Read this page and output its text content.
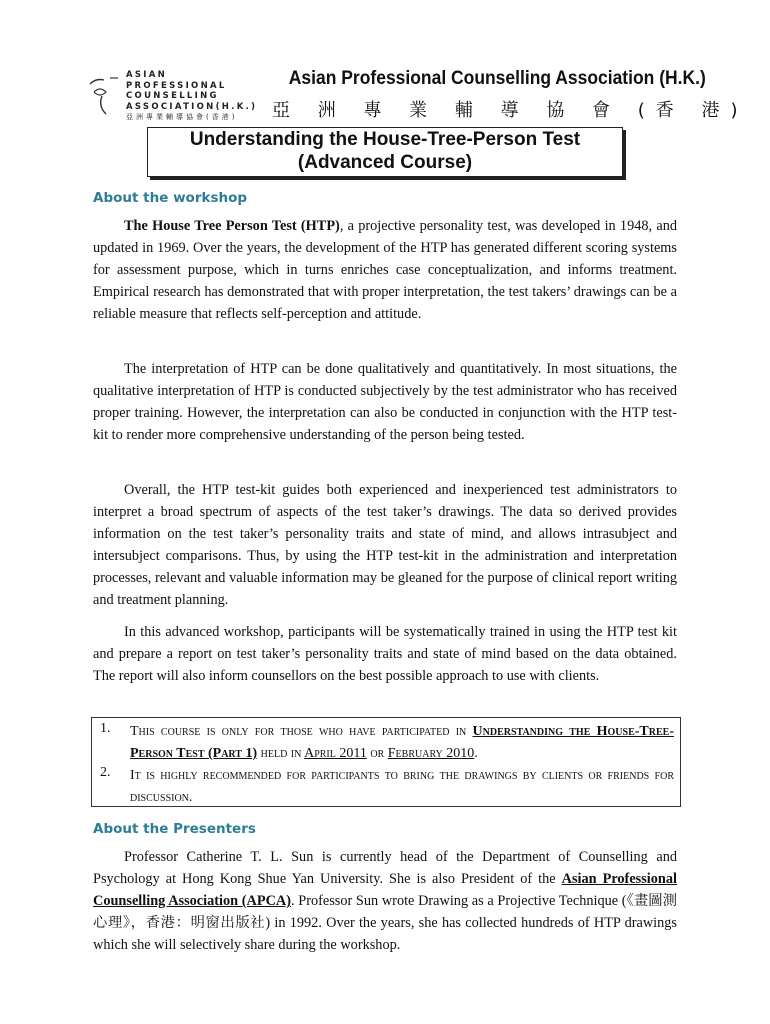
ASIAN
PROFESSIONAL
COUNSELLING
ASSOCIATION(H.K.)
亞洲專業輔導協會(香港)
Asian Professional Counselling Association (H.K.)
亞 洲 專 業 輔 導 協 會 (香 港)
Understanding the House-Tree-Person Test
(Advanced Course)
About the workshop

The House Tree Person Test (HTP), a projective personality test, was developed in 1948, and updated in 1969. Over the years, the development of the HTP has generated different scoring systems for assessment purpose, which in turns enriches case conceptualization, and informs treatment. Empirical research has demonstrated that with proper interpretation, the test takers’ drawings can be a reliable measure that reflects self-perception and attitude.

The interpretation of HTP can be done qualitatively and quantitatively. In most situations, the qualitative interpretation of HTP is conducted subjectively by the test administrator who has received proper training. However, the interpretation can also be conducted in conjunction with the HTP test-kit to render more comprehensive understanding of the person being tested.

Overall, the HTP test-kit guides both experienced and inexperienced test administrators to interpret a broad spectrum of aspects of the test taker’s drawings. The data so derived provides information on the test taker’s personality traits and state of mind, and allows intrasubject and intersubject comparisons. Thus, by using the HTP test-kit in the administration and interpretation processes, relevant and valuable information may be gleaned for the purpose of clinical report writing and treatment planning.

In this advanced workshop, participants will be systematically trained in using the HTP test kit and prepare a report on test taker’s personality traits and state of mind based on the data obtained. The report will also inform counsellors on the best possible approach to use with clients.

1. This course is only for those who have participated in Understanding the House-Tree-Person Test (Part 1) held in April 2011 or February 2010.
2. It is highly recommended for participants to bring the drawings by clients or friends for discussion.
About the Presenters

Professor Catherine T. L. Sun is currently head of the Department of Counselling and Psychology at Hong Kong Shue Yan University. She is also President of the Asian Professional Counselling Association (APCA). Professor Sun wrote Drawing as a Projective Technique (《畫圖測心理》，香港：明窗出版社) in 1992. Over the years, she has collected hundreds of HTP drawings which she will selectively share during the workshop.
